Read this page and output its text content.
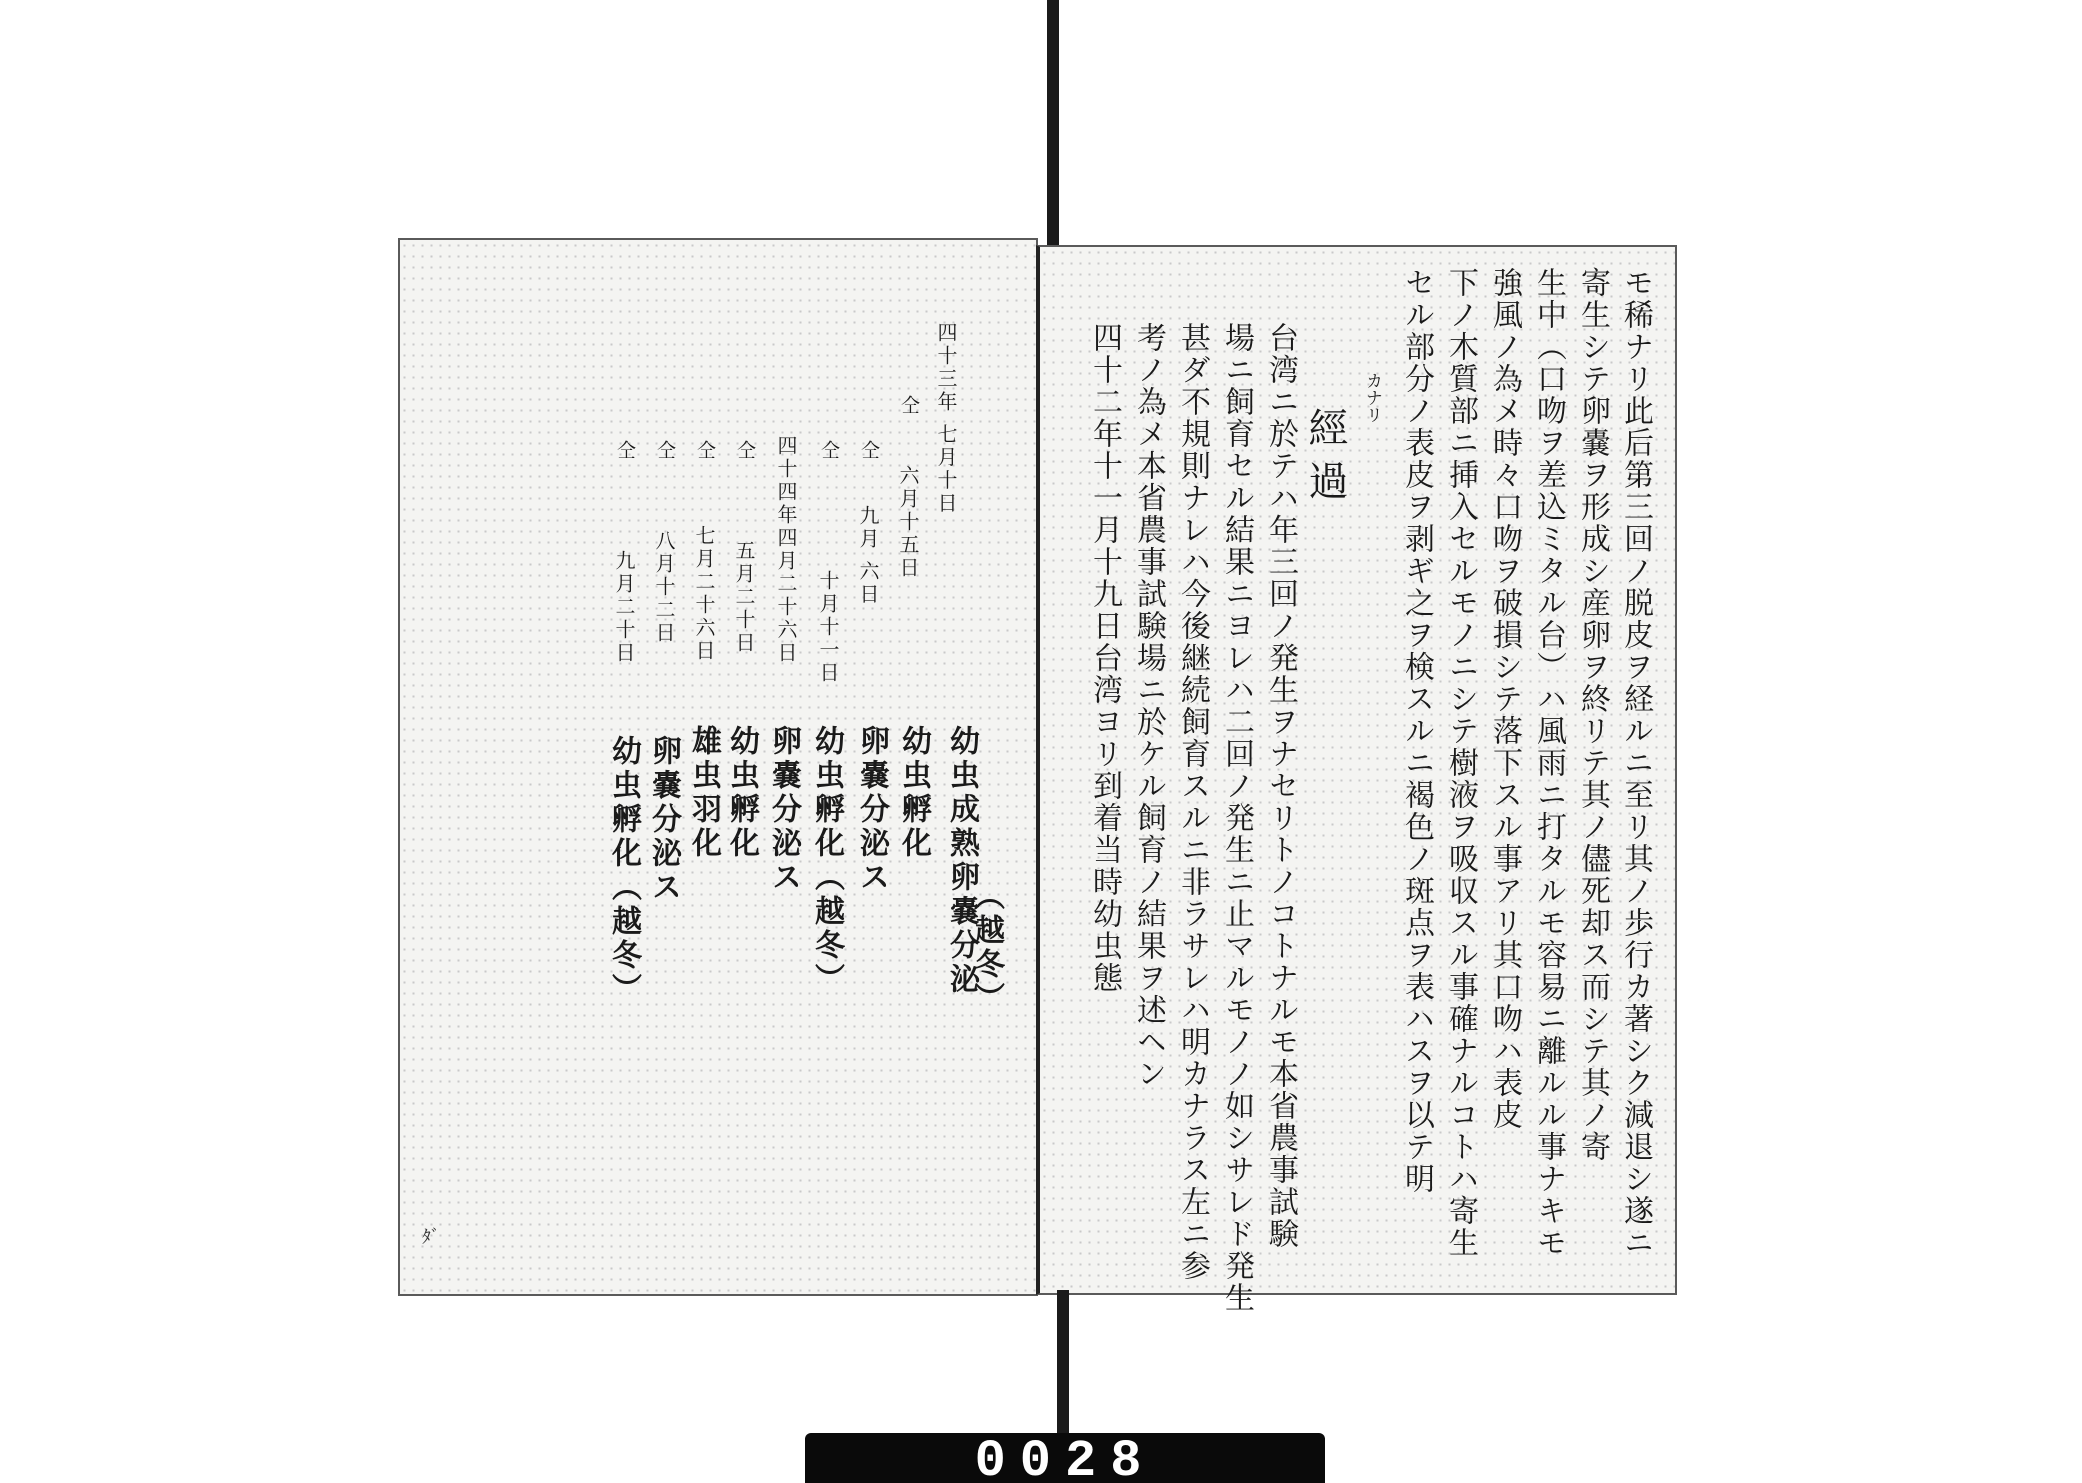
四十三年 七月十日
幼虫成熟卵嚢分泌
（越冬）
仝
六月十五日
幼虫孵化
仝
九月 六日
卵嚢分泌ス
仝
十月十一日
幼虫孵化（越冬）
四十四年四月二十六日
卵嚢分泌ス
仝
五月二十日
幼虫孵化
仝
七月二十六日
雄虫羽化
仝
八月十二日
卵嚢分泌ス
仝
九月二十日
幼虫孵化（越冬）
ﾀﾞ	モ稀ナリ此后第三回ノ脱皮ヲ経ルニ至リ其ノ歩行カ著シク減退シ遂ニ
寄生シテ卵嚢ヲ形成シ産卵ヲ終リテ其ノ儘死却ス而シテ其ノ寄
生中（口吻ヲ差込ミタル台）ハ風雨ニ打タルモ容易ニ離ルル事ナキモ
強風ノ為メ時々口吻ヲ破損シテ落下スル事アリ其口吻ハ表皮
下ノ木質部ニ挿入セルモノニシテ樹液ヲ吸収スル事確ナルコトハ寄生
セル部分ノ表皮ヲ剥ギ之ヲ検スルニ褐色ノ斑点ヲ表ハスヲ以テ明
カナリ
經 過
台湾ニ於テハ年三回ノ発生ヲナセリトノコトナルモ本省農事試験
場ニ飼育セル結果ニヨレハ二回ノ発生ニ止マルモノノ如シサレド発生
甚ダ不規則ナレハ今後継続飼育スルニ非ラサレハ明カナラス左ニ参
考ノ為メ本省農事試験場ニ於ケル飼育ノ結果ヲ述ヘン
四十二年十一月十九日台湾ヨリ到着当時幼虫態
0028
